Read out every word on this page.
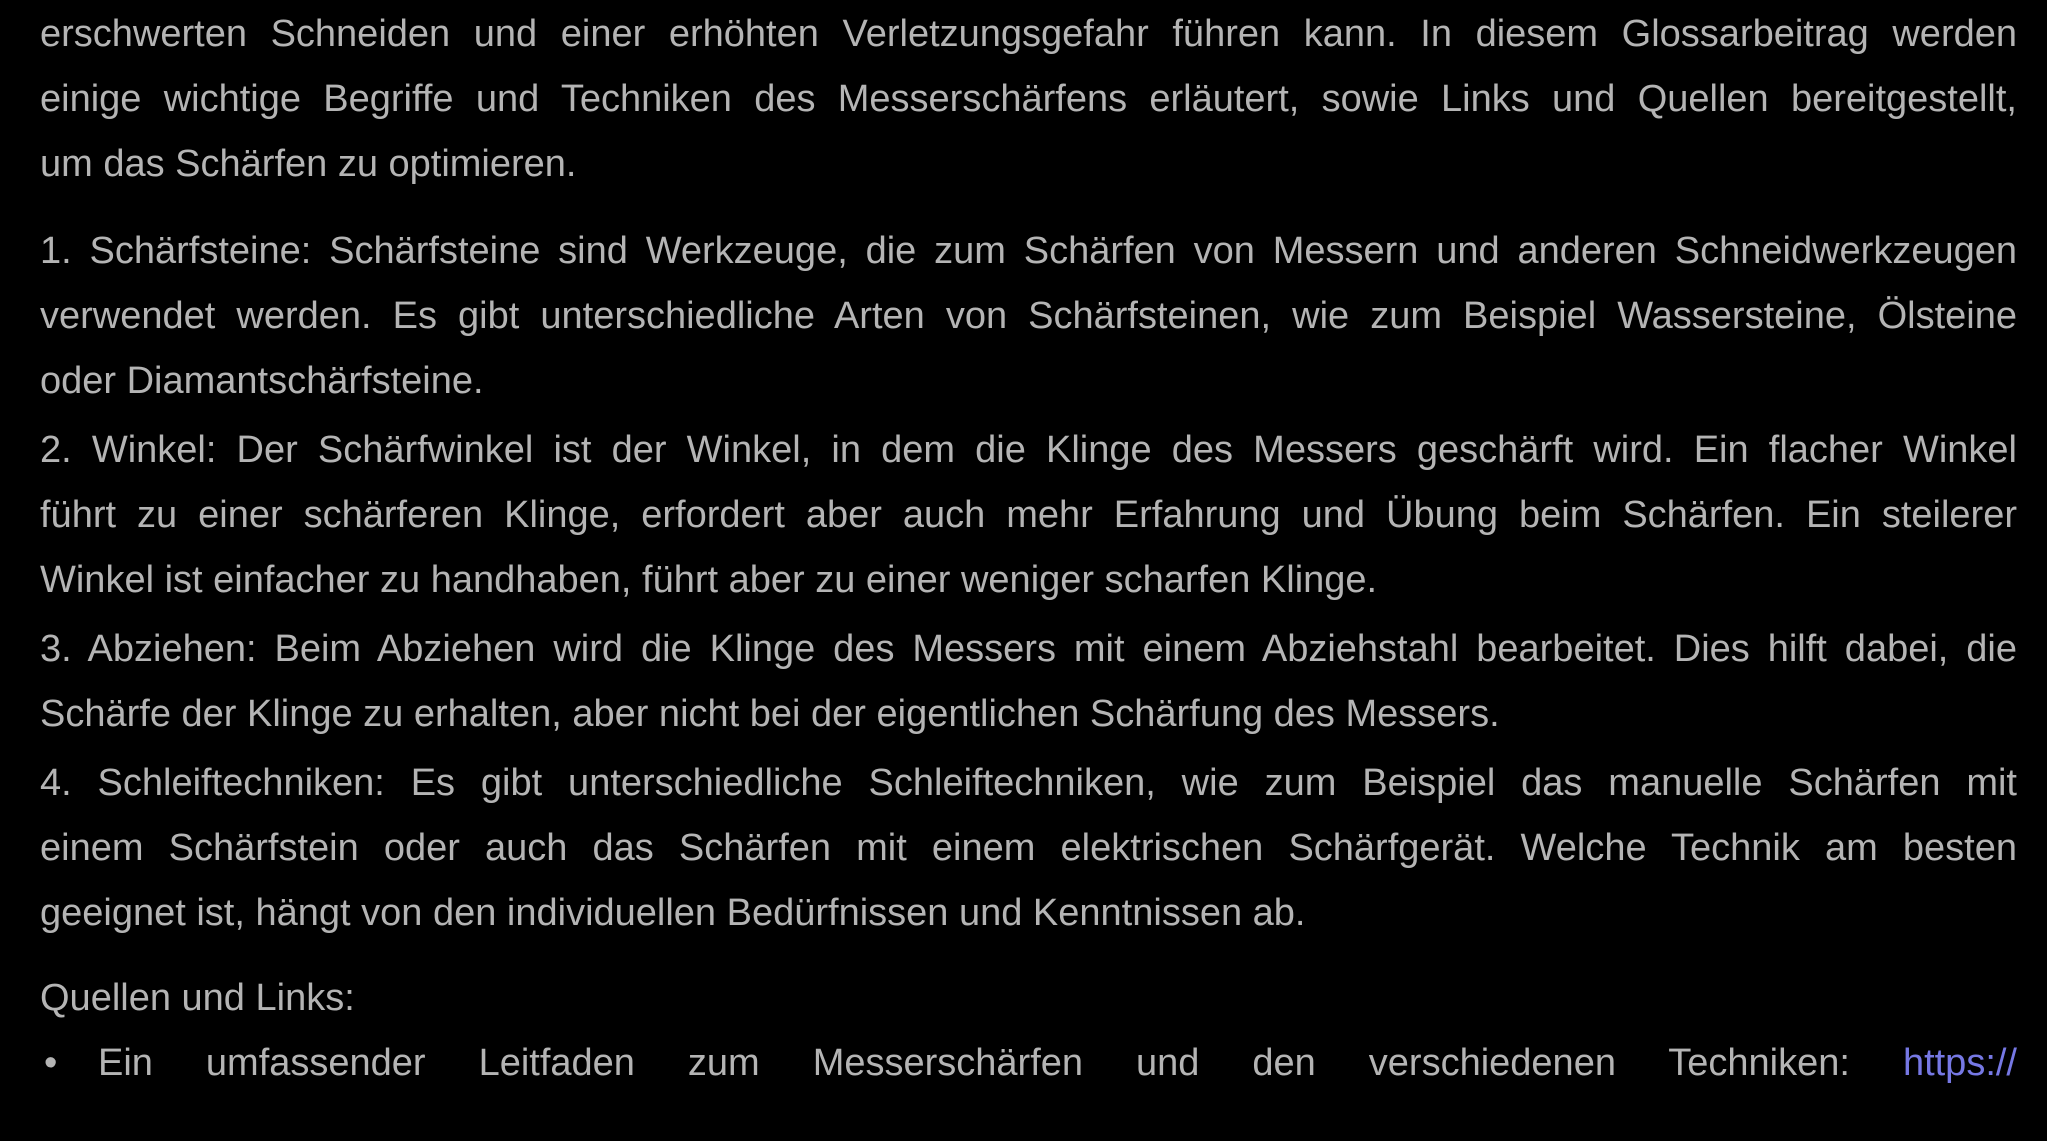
erschwerten Schneiden und einer erhöhten Verletzungsgefahr führen kann. In diesem Glossarbeitrag werden
einige wichtige Begriffe und Techniken des Messerschärfens erläutert, sowie Links und Quellen bereitgestellt,
um das Schärfen zu optimieren.
1. Schärfsteine: Schärfsteine sind Werkzeuge, die zum Schärfen von Messern und anderen Schneidwerkzeugen
verwendet werden. Es gibt unterschiedliche Arten von Schärfsteinen, wie zum Beispiel Wassersteine, Ölsteine
oder Diamantschärfsteine.
2. Winkel: Der Schärfwinkel ist der Winkel, in dem die Klinge des Messers geschärft wird. Ein flacher Winkel
führt zu einer schärferen Klinge, erfordert aber auch mehr Erfahrung und Übung beim Schärfen. Ein steilerer
Winkel ist einfacher zu handhaben, führt aber zu einer weniger scharfen Klinge.
3. Abziehen: Beim Abziehen wird die Klinge des Messers mit einem Abziehstahl bearbeitet. Dies hilft dabei, die
Schärfe der Klinge zu erhalten, aber nicht bei der eigentlichen Schärfung des Messers.
4. Schleiftechniken: Es gibt unterschiedliche Schleiftechniken, wie zum Beispiel das manuelle Schärfen mit
einem Schärfstein oder auch das Schärfen mit einem elektrischen Schärfgerät. Welche Technik am besten
geeignet ist, hängt von den individuellen Bedürfnissen und Kenntnissen ab.
Quellen und Links:
• Ein umfassender Leitfaden zum Messerschärfen und den verschiedenen Techniken: https://
